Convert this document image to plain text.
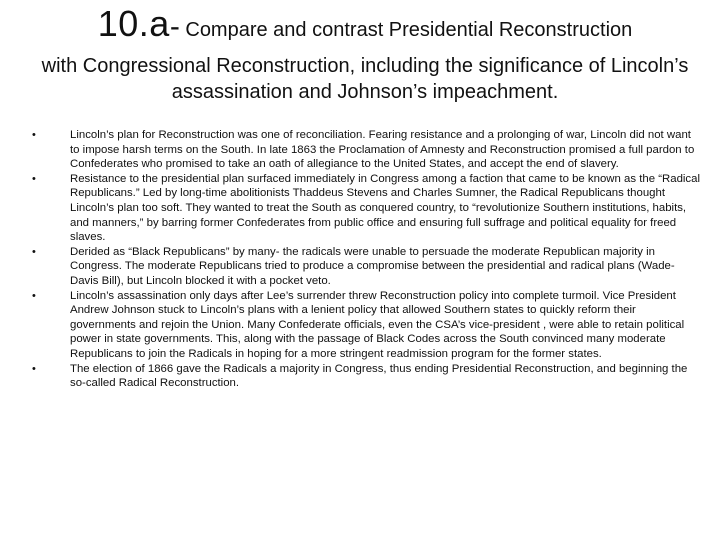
10.a- Compare and contrast Presidential Reconstruction
with Congressional Reconstruction, including the significance of Lincoln’s assassination and Johnson’s impeachment.
•	Lincoln’s plan for Reconstruction was one of reconciliation. Fearing resistance and a prolonging of war, Lincoln did not want to impose harsh terms on the South. In late 1863 the Proclamation of Amnesty and Reconstruction promised a full pardon to Confederates who promised to take an oath of allegiance to the United States, and accept the end of slavery.
•	Resistance to the presidential plan surfaced immediately in Congress among a faction that came to be known as the “Radical Republicans.” Led by long-time abolitionists Thaddeus Stevens and Charles Sumner, the Radical Republicans thought Lincoln’s plan too soft. They wanted to treat the South as conquered country, to “revolutionize Southern institutions, habits, and manners,” by barring former Confederates from public office and ensuring full suffrage and political equality for freed slaves.
•	Derided as “Black Republicans” by many- the radicals were unable to persuade the moderate Republican majority in Congress. The moderate Republicans tried to produce a compromise between the presidential and radical plans (Wade-Davis Bill), but Lincoln blocked it with a pocket veto.
•	Lincoln’s assassination only days after Lee’s surrender threw Reconstruction policy into complete turmoil. Vice President Andrew Johnson stuck to Lincoln’s plans with a lenient policy that allowed Southern states to quickly reform their governments and rejoin the Union. Many Confederate officials, even the CSA’s vice-president , were able to retain political power in state governments. This, along with the passage of Black Codes across the South convinced many moderate Republicans to join the Radicals in hoping for a more stringent readmission program for the former states.
•	The election of 1866 gave the Radicals a majority in Congress, thus ending Presidential Reconstruction, and beginning the so-called Radical Reconstruction.
